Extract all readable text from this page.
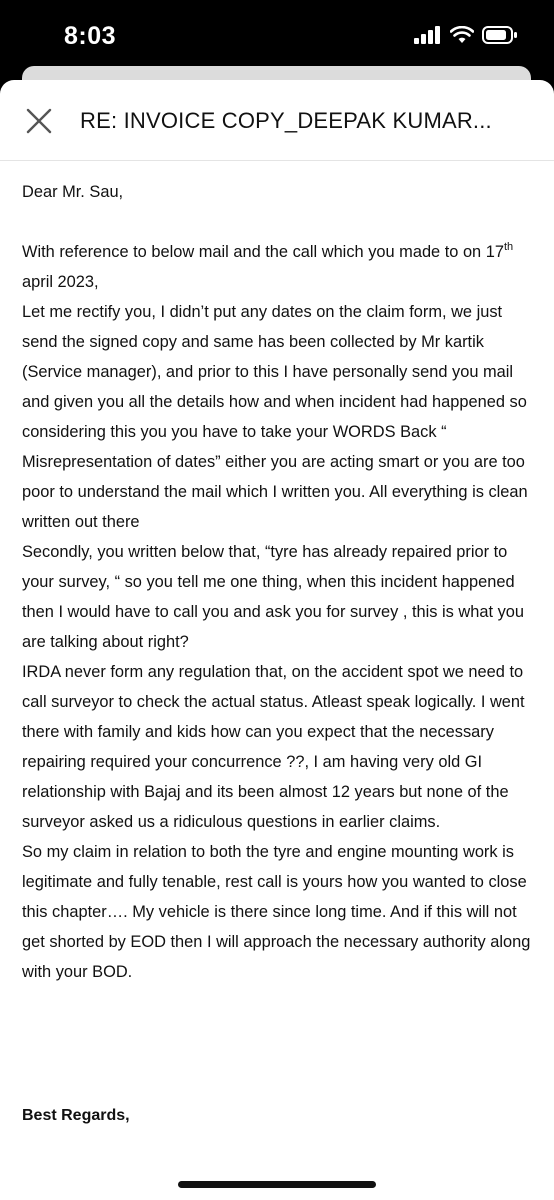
8:03
RE: INVOICE COPY_DEEPAK KUMAR...

Dear Mr. Sau,

With reference to below mail and the call which you made to on 17th april 2023,

Let me rectify you, I didn’t put any dates on the claim form, we just send the signed copy and same has been collected by Mr kartik (Service manager), and prior to this I have personally send you mail and given you all the details how and when incident had happened so considering this you you have to take your WORDS Back “ Misrepresentation of dates” either you are acting smart or you are too poor to understand the mail which I written you. All everything is clean written out there

Secondly, you written below that, “tyre has already repaired prior to your survey, “ so you tell me one thing, when this incident happened then I would have to call you and ask you for survey , this is what you are talking about right?

IRDA never form any regulation that, on the accident spot we need to call surveyor to check the actual status. Atleast speak logically. I went there with family and kids how can you expect that the necessary repairing required your concurrence ??, I am having very old GI relationship with Bajaj and its been almost 12 years but none of the surveyor asked us a ridiculous questions in earlier claims.

So my claim in relation to both the tyre and engine mounting work is legitimate and fully tenable, rest call is yours how you wanted to close this chapter…. My vehicle is there since long time. And if this will not get shorted by EOD then I will approach the necessary authority along with your BOD.

Best Regards,
